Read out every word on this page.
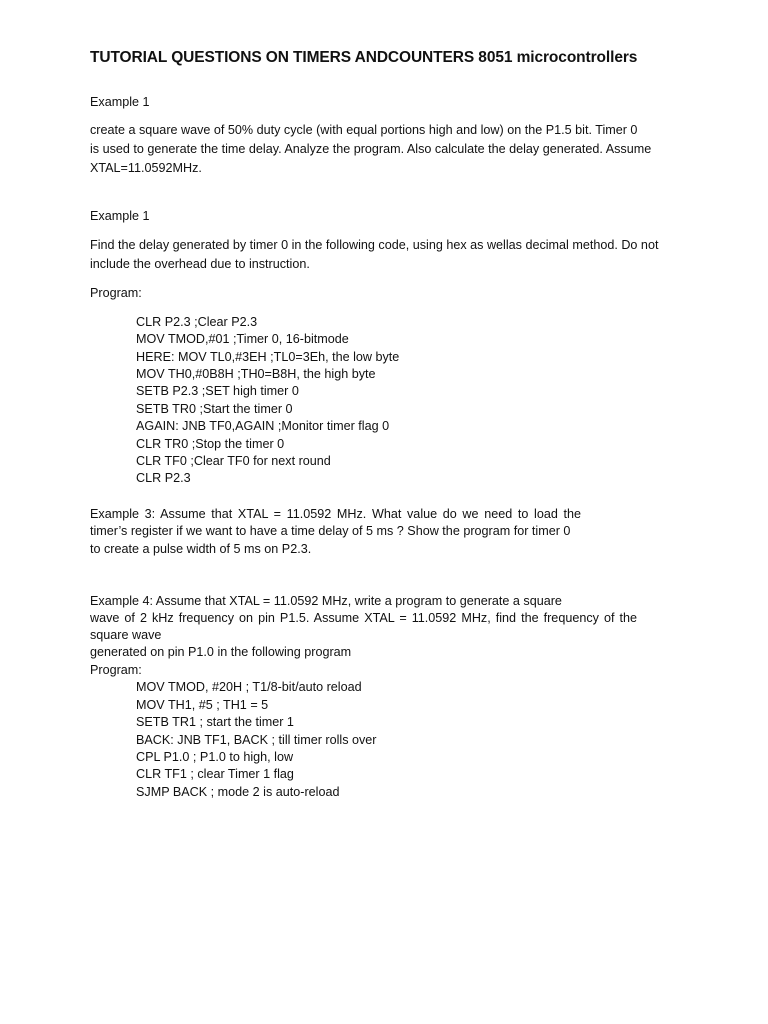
TUTORIAL QUESTIONS ON TIMERS ANDCOUNTERS 8051 microcontrollers
Example 1
create a square wave of 50% duty cycle (with equal portions high and low) on the P1.5 bit. Timer 0
is used to generate the time delay. Analyze the program. Also calculate the delay generated. Assume
XTAL=11.0592MHz.
Example 1
Find the delay generated by timer 0 in the following code, using hex as wellas decimal method. Do not
include the overhead due to instruction.
Program:
CLR P2.3 ;Clear P2.3
MOV TMOD,#01 ;Timer 0, 16-bitmode
HERE: MOV TL0,#3EH ;TL0=3Eh, the low byte
MOV TH0,#0B8H ;TH0=B8H, the high byte
SETB P2.3 ;SET high timer 0
SETB TR0 ;Start the timer 0
AGAIN: JNB TF0,AGAIN ;Monitor timer flag 0
CLR TR0 ;Stop the timer 0
CLR TF0 ;Clear TF0 for next round
CLR P2.3
Example 3: Assume that XTAL = 11.0592 MHz. What value do we need to load the
timer’s register if we want to have a time delay of 5 ms ? Show the program for timer 0
to create a pulse width of 5 ms on P2.3.
Example 4: Assume that XTAL = 11.0592 MHz, write a program to generate a square
wave of 2 kHz frequency on pin P1.5. Assume XTAL = 11.0592 MHz, find the frequency of the
square wave
generated on pin P1.0 in the following program
Program:
MOV TMOD, #20H ; T1/8-bit/auto reload
MOV TH1, #5 ; TH1 = 5
SETB TR1 ; start the timer 1
BACK: JNB TF1, BACK ; till timer rolls over
CPL P1.0 ; P1.0 to high, low
CLR TF1 ; clear Timer 1 flag
SJMP BACK ; mode 2 is auto-reload
